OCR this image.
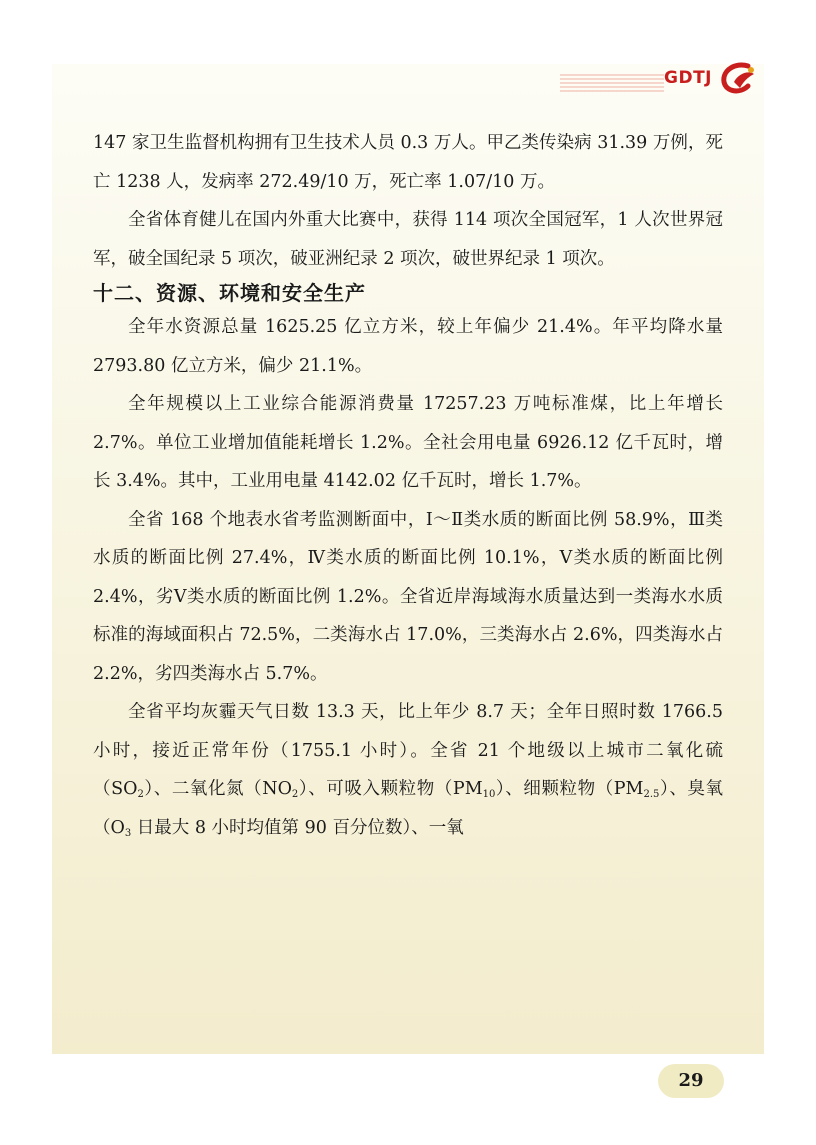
GDTJ

147 家卫生监督机构拥有卫生技术人员 0.3 万人。甲乙类传染病 31.39 万例，死亡 1238 人，发病率 272.49/10 万，死亡率 1.07/10 万。

全省体育健儿在国内外重大比赛中，获得 114 项次全国冠军，1 人次世界冠军，破全国纪录 5 项次，破亚洲纪录 2 项次，破世界纪录 1 项次。

十二、资源、环境和安全生产

全年水资源总量 1625.25 亿立方米，较上年偏少 21.4%。年平均降水量 2793.80 亿立方米，偏少 21.1%。

全年规模以上工业综合能源消费量 17257.23 万吨标准煤，比上年增长 2.7%。单位工业增加值能耗增长 1.2%。全社会用电量 6926.12 亿千瓦时，增长 3.4%。其中，工业用电量 4142.02 亿千瓦时，增长 1.7%。

全省 168 个地表水省考监测断面中，Ⅰ～Ⅱ类水质的断面比例 58.9%，Ⅲ类水质的断面比例 27.4%，Ⅳ类水质的断面比例 10.1%，Ⅴ类水质的断面比例 2.4%，劣Ⅴ类水质的断面比例 1.2%。全省近岸海域海水质量达到一类海水水质标准的海域面积占 72.5%，二类海水占 17.0%，三类海水占 2.6%，四类海水占 2.2%，劣四类海水占 5.7%。

全省平均灰霾天气日数 13.3 天，比上年少 8.7 天；全年日照时数 1766.5 小时，接近正常年份（1755.1 小时）。全省 21 个地级以上城市二氧化硫$(SO_2)$、二氧化氮$(NO_2)$、可吸入颗粒物$(PM_{10})$、细颗粒物$(PM_{2.5})$、臭氧（$O_3$ 日最大 8 小时均值第 90 百分位数）、一氧

29
